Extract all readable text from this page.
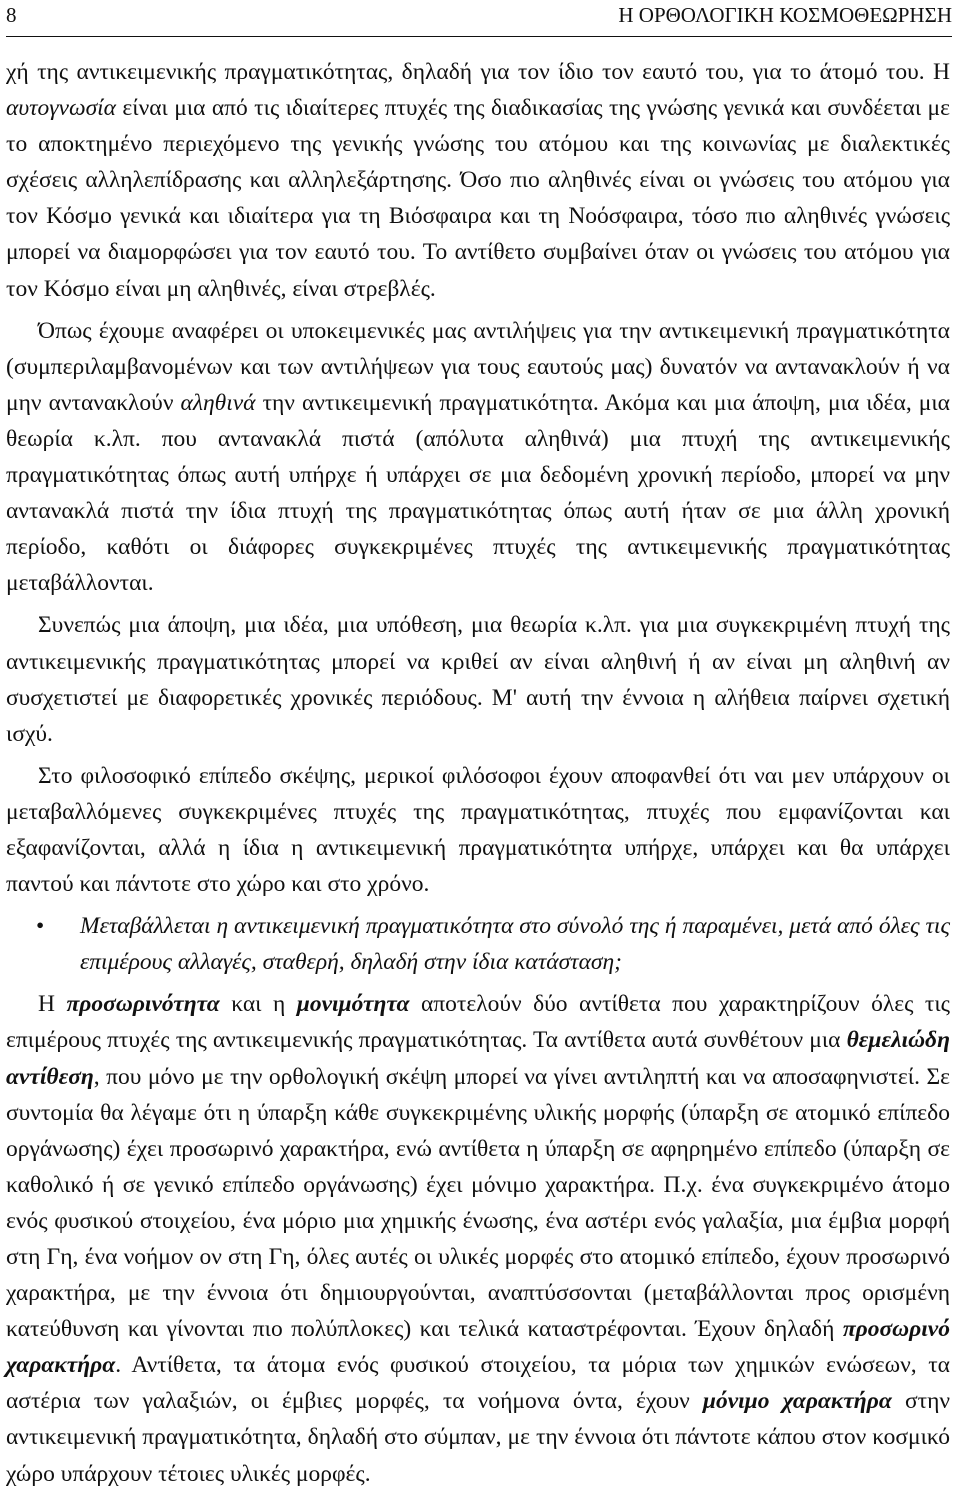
8	Η ΟΡΘΟΛΟΓΙΚΗ ΚΟΣΜΟΘΕΩΡΗΣΗ

χή της αντικειμενικής πραγματικότητας, δηλαδή για τον ίδιο τον εαυτό του, για το άτομό του. Η αυτογνωσία είναι μια από τις ιδιαίτερες πτυχές της διαδικασίας της γνώσης γενικά και συνδέεται με το αποκτημένο περιεχόμενο της γενικής γνώσης του ατόμου και της κοινωνίας με διαλεκτικές σχέσεις αλληλεπίδρασης και αλληλεξάρτησης. Όσο πιο αληθινές είναι οι γνώσεις του ατόμου για τον Κόσμο γενικά και ιδιαίτερα για τη Βιόσφαιρα και τη Νοόσφαιρα, τόσο πιο αληθινές γνώσεις μπορεί να διαμορφώσει για τον εαυτό του. Το αντίθετο συμβαίνει όταν οι γνώσεις του ατόμου για τον Κόσμο είναι μη αληθινές, είναι στρεβλές.

Όπως έχουμε αναφέρει οι υποκειμενικές μας αντιλήψεις για την αντικειμενική πραγματικότητα (συμπεριλαμβανομένων και των αντιλήψεων για τους εαυτούς μας) δυνατόν να αντανακλούν ή να μην αντανακλούν αληθινά την αντικειμενική πραγματικότητα. Ακόμα και μια άποψη, μια ιδέα, μια θεωρία κ.λπ. που αντανακλά πιστά (απόλυτα αληθινά) μια πτυχή της αντικειμενικής πραγματικότητας όπως αυτή υπήρχε ή υπάρχει σε μια δεδομένη χρονική περίοδο, μπορεί να μην αντανακλά πιστά την ίδια πτυχή της πραγματικότητας όπως αυτή ήταν σε μια άλλη χρονική περίοδο, καθότι οι διάφορες συγκεκριμένες πτυχές της αντικειμενικής πραγματικότητας μεταβάλλονται.

Συνεπώς μια άποψη, μια ιδέα, μια υπόθεση, μια θεωρία κ.λπ. για μια συγκεκριμένη πτυχή της αντικειμενικής πραγματικότητας μπορεί να κριθεί αν είναι αληθινή ή αν είναι μη αληθινή αν συσχετιστεί με διαφορετικές χρονικές περιόδους. Μ' αυτή την έννοια η αλήθεια παίρνει σχετική ισχύ.

Στο φιλοσοφικό επίπεδο σκέψης, μερικοί φιλόσοφοι έχουν αποφανθεί ότι ναι μεν υπάρχουν οι μεταβαλλόμενες συγκεκριμένες πτυχές της πραγματικότητας, πτυχές που εμφανίζονται και εξαφανίζονται, αλλά η ίδια η αντικειμενική πραγματικότητα υπήρχε, υπάρχει και θα υπάρχει παντού και πάντοτε στο χώρο και στο χρόνο.

• Μεταβάλλεται η αντικειμενική πραγματικότητα στο σύνολό της ή παραμένει, μετά από όλες τις επιμέρους αλλαγές, σταθερή, δηλαδή στην ίδια κατάσταση;

Η προσωρινότητα και η μονιμότητα αποτελούν δύο αντίθετα που χαρακτηρίζουν όλες τις επιμέρους πτυχές της αντικειμενικής πραγματικότητας. Τα αντίθετα αυτά συνθέτουν μια θεμελιώδη αντίθεση, που μόνο με την ορθολογική σκέψη μπορεί να γίνει αντιληπτή και να αποσαφηνιστεί. Σε συντομία θα λέγαμε ότι η ύπαρξη κάθε συγκεκριμένης υλικής μορφής (ύπαρξη σε ατομικό επίπεδο οργάνωσης) έχει προσωρινό χαρακτήρα, ενώ αντίθετα η ύπαρξη σε αφηρημένο επίπεδο (ύπαρξη σε καθολικό ή σε γενικό επίπεδο οργάνωσης) έχει μόνιμο χαρακτήρα. Π.χ. ένα συγκεκριμένο άτομο ενός φυσικού στοιχείου, ένα μόριο μια χημικής ένωσης, ένα αστέρι ενός γαλαξία, μια έμβια μορφή στη Γη, ένα νοήμον ον στη Γη, όλες αυτές οι υλικές μορφές στο ατομικό επίπεδο, έχουν προσωρινό χαρακτήρα, με την έννοια ότι δημιουργούνται, αναπτύσσονται (μεταβάλλονται προς ορισμένη κατεύθυνση και γίνονται πιο πολύπλοκες) και τελικά καταστρέφονται. Έχουν δηλαδή προσωρινό χαρακτήρα. Αντίθετα, τα άτομα ενός φυσικού στοιχείου, τα μόρια των χημικών ενώσεων, τα αστέρια των γαλαξιών, οι έμβιες μορφές, τα νοήμονα όντα, έχουν μόνιμο χαρακτήρα στην αντικειμενική πραγματικότητα, δηλαδή στο σύμπαν, με την έννοια ότι πάντοτε κάπου στον κοσμικό χώρο υπάρχουν τέτοιες υλικές μορφές.
